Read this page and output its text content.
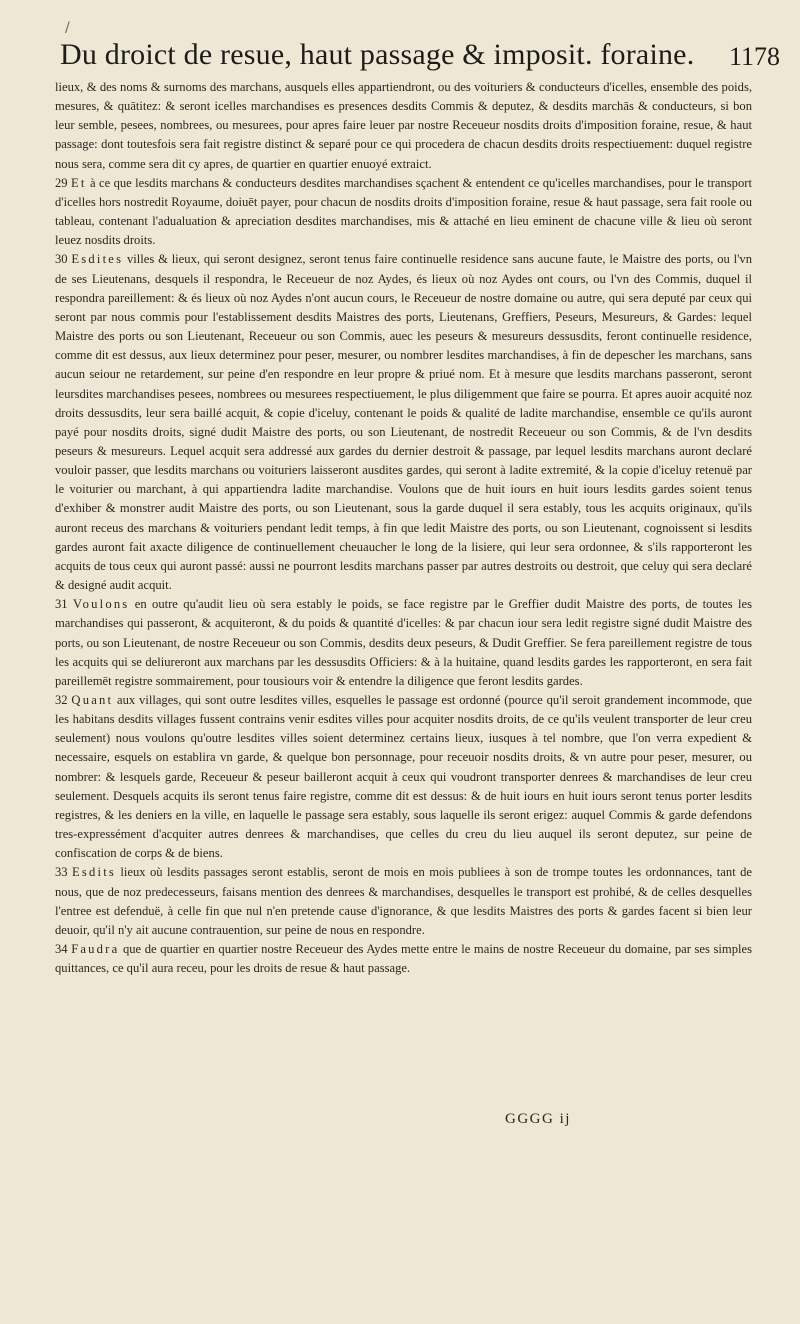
/
Du droict de resue, haut passage & imposit. foraine. 1178

lieux, & des noms & surnoms des marchans, ausquels elles appartiendront, ou des voituriers & conducteurs d'icelles, ensemble des poids, mesures, & quātitez: & seront icelles marchandises es presences desdits Commis & deputez, & desdits marchās & conducteurs, si bon leur semble, pesees, nombrees, ou mesurees, pour apres faire leuer par nostre Receueur nosdits droits d'imposition foraine, resue, & haut passage: dont toutesfois sera fait registre distinct & separé pour ce qui procedera de chacun desdits droits respectiuement: duquel registre nous sera, comme sera dit cy apres, de quartier en quartier enuoyé extraict.

29 Et à ce que lesdits marchans & conducteurs desdites marchandises sçachent & entendent ce qu'icelles marchandises, pour le transport d'icelles hors nostredit Royaume, doiuēt payer, pour chacun de nosdits droits d'imposition foraine, resue & haut passage, sera fait roole ou tableau, contenant l'adualuation & apreciation desdites marchandises, mis & attaché en lieu eminent de chacune ville & lieu où seront leuez nosdits droits.

30 Esdites villes & lieux, qui seront designez, seront tenus faire continuelle residence sans aucune faute, le Maistre des ports, ou l'vn de ses Lieutenans, desquels il respondra, le Receueur de noz Aydes, és lieux où noz Aydes ont cours, ou l'vn des Commis, duquel il respondra pareillement: & és lieux où noz Aydes n'ont aucun cours, le Receueur de nostre domaine ou autre, qui sera deputé par ceux qui seront par nous commis pour l'establissement desdits Maistres des ports, Lieutenans, Greffiers, Peseurs, Mesureurs, & Gardes: lequel Maistre des ports ou son Lieutenant, Receueur ou son Commis, auec les peseurs & mesureurs dessusdits, feront continuelle residence, comme dit est dessus, aux lieux determinez pour peser, mesurer, ou nombrer lesdites marchandises, à fin de depescher les marchans, sans aucun seiour ne retardement, sur peine d'en respondre en leur propre & priué nom. Et à mesure que lesdits marchans passeront, seront leursdites marchandises pesees, nombrees ou mesurees respectiuement, le plus diligemment que faire se pourra. Et apres auoir acquité noz droits dessusdits, leur sera baillé acquit, & copie d'iceluy, contenant le poids & qualité de ladite marchandise, ensemble ce qu'ils auront payé pour nosdits droits, signé dudit Maistre des ports, ou son Lieutenant, de nostredit Receueur ou son Commis, & de l'vn desdits peseurs & mesureurs. Lequel acquit sera addressé aux gardes du dernier destroit & passage, par lequel lesdits marchans auront declaré vouloir passer, que lesdits marchans ou voituriers laisseront ausdites gardes, qui seront à ladite extremité, & la copie d'iceluy retenuë par le voiturier ou marchant, à qui appartiendra ladite marchandise. Voulons que de huit iours en huit iours lesdits gardes soient tenus d'exhiber & monstrer audit Maistre des ports, ou son Lieutenant, sous la garde duquel il sera estably, tous les acquits originaux, qu'ils auront receus des marchans & voituriers pendant ledit temps, à fin que ledit Maistre des ports, ou son Lieutenant, cognoissent si lesdits gardes auront fait axacte diligence de continuellement cheuaucher le long de la lisiere, qui leur sera ordonnee, & s'ils rapporteront les acquits de tous ceux qui auront passé: aussi ne pourront lesdits marchans passer par autres destroits ou destroit, que celuy qui sera declaré & designé audit acquit.

31 Voulons en outre qu'audit lieu où sera estably le poids, se face registre par le Greffier dudit Maistre des ports, de toutes les marchandises qui passeront, & acquiteront, & du poids & quantité d'icelles: & par chacun iour sera ledit registre signé dudit Maistre des ports, ou son Lieutenant, de nostre Receueur ou son Commis, desdits deux peseurs, & Dudit Greffier. Se fera pareillement registre de tous les acquits qui se deliureront aux marchans par les dessusdits Officiers: & à la huitaine, quand lesdits gardes les rapporteront, en sera fait pareillemēt registre sommairement, pour tousiours voir & entendre la diligence que feront lesdits gardes.

32 Quant aux villages, qui sont outre lesdites villes, esquelles le passage est ordonné (pource qu'il seroit grandement incommode, que les habitans desdits villages fussent contrains venir esdites villes pour acquiter nosdits droits, de ce qu'ils veulent transporter de leur creu seulement) nous voulons qu'outre lesdites villes soient determinez certains lieux, iusques à tel nombre, que l'on verra expedient & necessaire, esquels on establira vn garde, & quelque bon personnage, pour receuoir nosdits droits, & vn autre pour peser, mesurer, ou nombrer: & lesquels garde, Receueur & peseur bailleront acquit à ceux qui voudront transporter denrees & marchandises de leur creu seulement. Desquels acquits ils seront tenus faire registre, comme dit est dessus: & de huit iours en huit iours seront tenus porter lesdits registres, & les deniers en la ville, en laquelle le passage sera estably, sous laquelle ils seront erigez: auquel Commis & garde defendons tres-expressément d'acquiter autres denrees & marchandises, que celles du creu du lieu auquel ils seront deputez, sur peine de confiscation de corps & de biens.

33 Esdits lieux où lesdits passages seront establis, seront de mois en mois publiees à son de trompe toutes les ordonnances, tant de nous, que de noz predecesseurs, faisans mention des denrees & marchandises, desquelles le transport est prohibé, & de celles desquelles l'entree est defenduë, à celle fin que nul n'en pretende cause d'ignorance, & que lesdits Maistres des ports & gardes facent si bien leur deuoir, qu'il n'y ait aucune contrauention, sur peine de nous en respondre.

34 Faudra que de quartier en quartier nostre Receueur des Aydes mette entre le mains de nostre Receueur du domaine, par ses simples quittances, ce qu'il aura receu, pour les droits de resue & haut passage.

GGGG ij
